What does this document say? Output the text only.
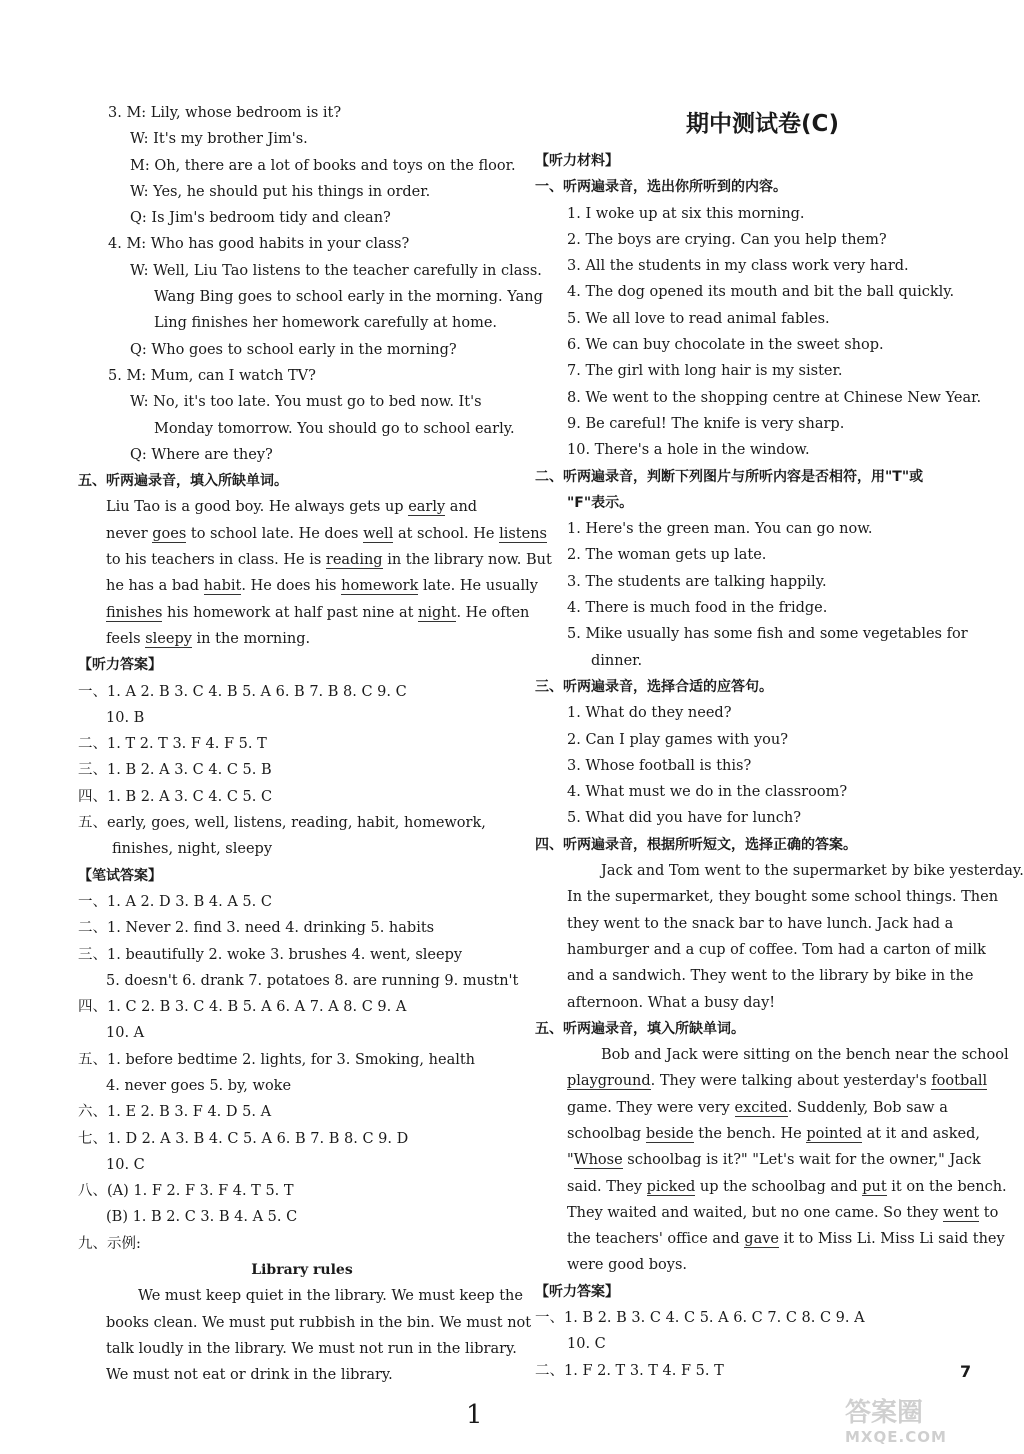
3. M: Lily, whose bedroom is it?
W: It's my brother Jim's.
M: Oh, there are a lot of books and toys on the floor.
W: Yes, he should put his things in order.
Q: Is Jim's bedroom tidy and clean?
4. M: Who has good habits in your class?
W: Well, Liu Tao listens to the teacher carefully in class.
Wang Bing goes to school early in the morning. Yang
Ling finishes her homework carefully at home.
Q: Who goes to school early in the morning?
5. M: Mum, can I watch TV?
W: No, it's too late. You must go to bed now. It's
Monday tomorrow. You should go to school early.
Q: Where are they?
五、听两遍录音，填入所缺单词。
Liu Tao is a good boy. He always gets up early and
never goes to school late. He does well at school. He listens
to his teachers in class. He is reading in the library now. But
he has a bad habit. He does his homework late. He usually
finishes his homework at half past nine at night. He often
feels sleepy in the morning.
【听力答案】
一、1. A 2. B 3. C 4. B 5. A 6. B 7. B 8. C 9. C
10. B
二、1. T 2. T 3. F 4. F 5. T
三、1. B 2. A 3. C 4. C 5. B
四、1. B 2. A 3. C 4. C 5. C
五、early, goes, well, listens, reading, habit, homework,
finishes, night, sleepy
【笔试答案】
一、1. A 2. D 3. B 4. A 5. C
二、1. Never 2. find 3. need 4. drinking 5. habits
三、1. beautifully 2. woke 3. brushes 4. went, sleepy
5. doesn't 6. drank 7. potatoes 8. are running 9. mustn't
四、1. C 2. B 3. C 4. B 5. A 6. A 7. A 8. C 9. A
10. A
五、1. before bedtime 2. lights, for 3. Smoking, health
4. never goes 5. by, woke
六、1. E 2. B 3. F 4. D 5. A
七、1. D 2. A 3. B 4. C 5. A 6. B 7. B 8. C 9. D
10. C
八、(A) 1. F 2. F 3. F 4. T 5. T
(B) 1. B 2. C 3. B 4. A 5. C
九、示例:
Library rules
We must keep quiet in the library. We must keep the
books clean. We must put rubbish in the bin. We must not
talk loudly in the library. We must not run in the library.
We must not eat or drink in the library.
期中测试卷(C)
【听力材料】
一、听两遍录音，选出你所听到的内容。
1. I woke up at six this morning.
2. The boys are crying. Can you help them?
3. All the students in my class work very hard.
4. The dog opened its mouth and bit the ball quickly.
5. We all love to read animal fables.
6. We can buy chocolate in the sweet shop.
7. The girl with long hair is my sister.
8. We went to the shopping centre at Chinese New Year.
9. Be careful! The knife is very sharp.
10. There's a hole in the window.
二、听两遍录音，判断下列图片与所听内容是否相符，用"T"或
"F"表示。
1. Here's the green man. You can go now.
2. The woman gets up late.
3. The students are talking happily.
4. There is much food in the fridge.
5. Mike usually has some fish and some vegetables for
dinner.
三、听两遍录音，选择合适的应答句。
1. What do they need?
2. Can I play games with you?
3. Whose football is this?
4. What must we do in the classroom?
5. What did you have for lunch?
四、听两遍录音，根据所听短文，选择正确的答案。
Jack and Tom went to the supermarket by bike yesterday.
In the supermarket, they bought some school things. Then
they went to the snack bar to have lunch. Jack had a
hamburger and a cup of coffee. Tom had a carton of milk
and a sandwich. They went to the library by bike in the
afternoon. What a busy day!
五、听两遍录音，填入所缺单词。
Bob and Jack were sitting on the bench near the school
playground. They were talking about yesterday's football
game. They were very excited. Suddenly, Bob saw a
schoolbag beside the bench. He pointed at it and asked,
"Whose schoolbag is it?" "Let's wait for the owner," Jack
said. They picked up the schoolbag and put it on the bench.
They waited and waited, but no one came. So they went to
the teachers' office and gave it to Miss Li. Miss Li said they
were good boys.
【听力答案】
一、1. B 2. B 3. C 4. C 5. A 6. C 7. C 8. C 9. A
10. C
二、1. F 2. T 3. T 4. F 5. T	7
1	答案圈
MXQE.COM
